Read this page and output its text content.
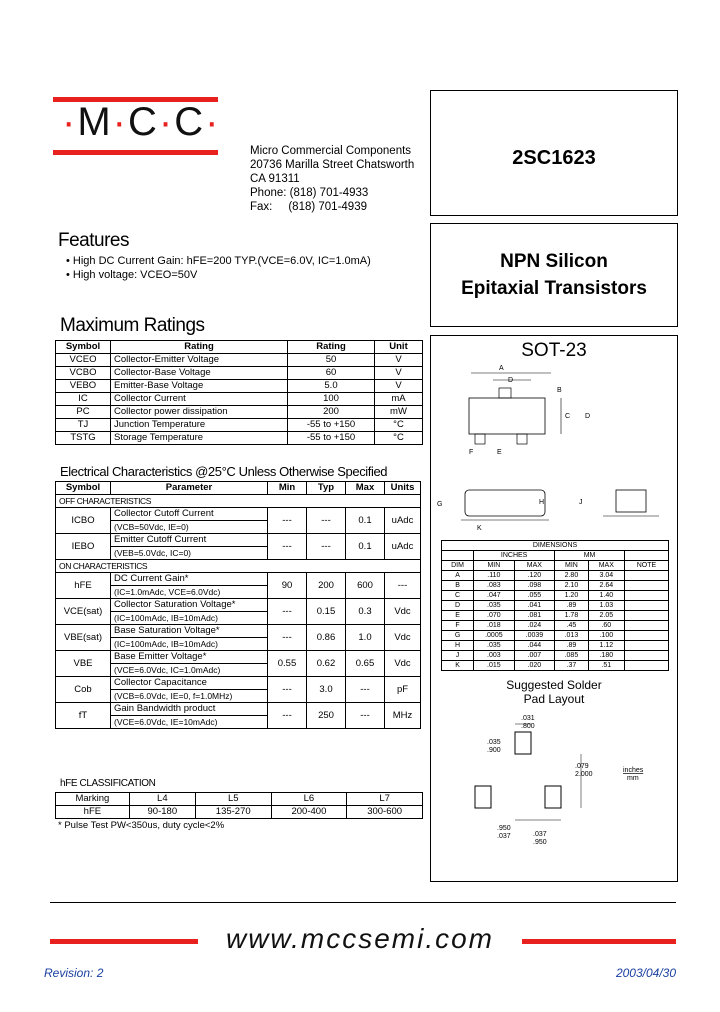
·M·C·C·
Micro Commercial Components
20736 Marilla Street Chatsworth
CA 91311
Phone: (818) 701-4933
Fax:     (818) 701-4939
2SC1623
NPN Silicon
Epitaxial Transistors
SOT-23
A
D
B
C D
F	E
G	H	J
K
DIMENSIONS					
	INCHES		MM		
DIM	MIN	MAX	MIN	MAX	NOTE
A	.110	.120	2.80	3.04	
B	.083	.098	2.10	2.64	
C	.047	.055	1.20	1.40	
D	.035	.041	.89	1.03	
E	.070	.081	1.78	2.05	
F	.018	.024	.45	.60	
G	.0005	.0039	.013	.100	
H	.035	.044	.89	1.12	
J	.003	.007	.085	.180	
K	.015	.020	.37	.51	
Suggested Solder
Pad Layout
.031
.800
.035
.900
.079
2.000
inches
mm
.037
.950
.950
.037
Features
• High DC Current Gain: hFE=200 TYP.(VCE=6.0V, IC=1.0mA)
• High voltage: VCEO=50V
Maximum Ratings
Symbol	Rating	Rating	Unit
VCEO	Collector-Emitter Voltage	50	V
VCBO	Collector-Base Voltage	60	V
VEBO	Emitter-Base Voltage	5.0	V
IC	Collector Current	100	mA
PC	Collector power dissipation	200	mW
TJ	Junction Temperature	-55 to +150	°C
TSTG	Storage Temperature	-55 to +150	°C
Electrical Characteristics @25°C Unless Otherwise Specified
Symbol	Parameter	Min	Typ	Max	Units
OFF CHARACTERISTICS					
ICBO	Collector Cutoff Current	---	---	0.1	uAdc
	(VCB=50Vdc, IE=0)				
IEBO	Emitter Cutoff Current	---	---	0.1	uAdc
	(VEB=5.0Vdc, IC=0)				
ON CHARACTERISTICS					
hFE	DC Current Gain*	90	200	600	---
	(IC=1.0mAdc, VCE=6.0Vdc)				
VCE(sat)	Collector Saturation Voltage*	---	0.15	0.3	Vdc
	(IC=100mAdc, IB=10mAdc)				
VBE(sat)	Base Saturation Voltage*	---	0.86	1.0	Vdc
	(IC=100mAdc, IB=10mAdc)				
VBE	Base Emitter Voltage*	0.55	0.62	0.65	Vdc
	(VCE=6.0Vdc, IC=1.0mAdc)				
Cob	Collector Capacitance	---	3.0	---	pF
	(VCB=6.0Vdc, IE=0, f=1.0MHz)				
fT	Gain Bandwidth product	---	250	---	MHz
	(VCE=6.0Vdc, IE=10mAdc)				
hFE CLASSIFICATION
Marking	L4	L5	L6	L7
hFE	90-180	135-270	200-400	300-600
* Pulse Test PW<350us, duty cycle<2%
www.mccsemi.com
Revision: 2	2003/04/30
